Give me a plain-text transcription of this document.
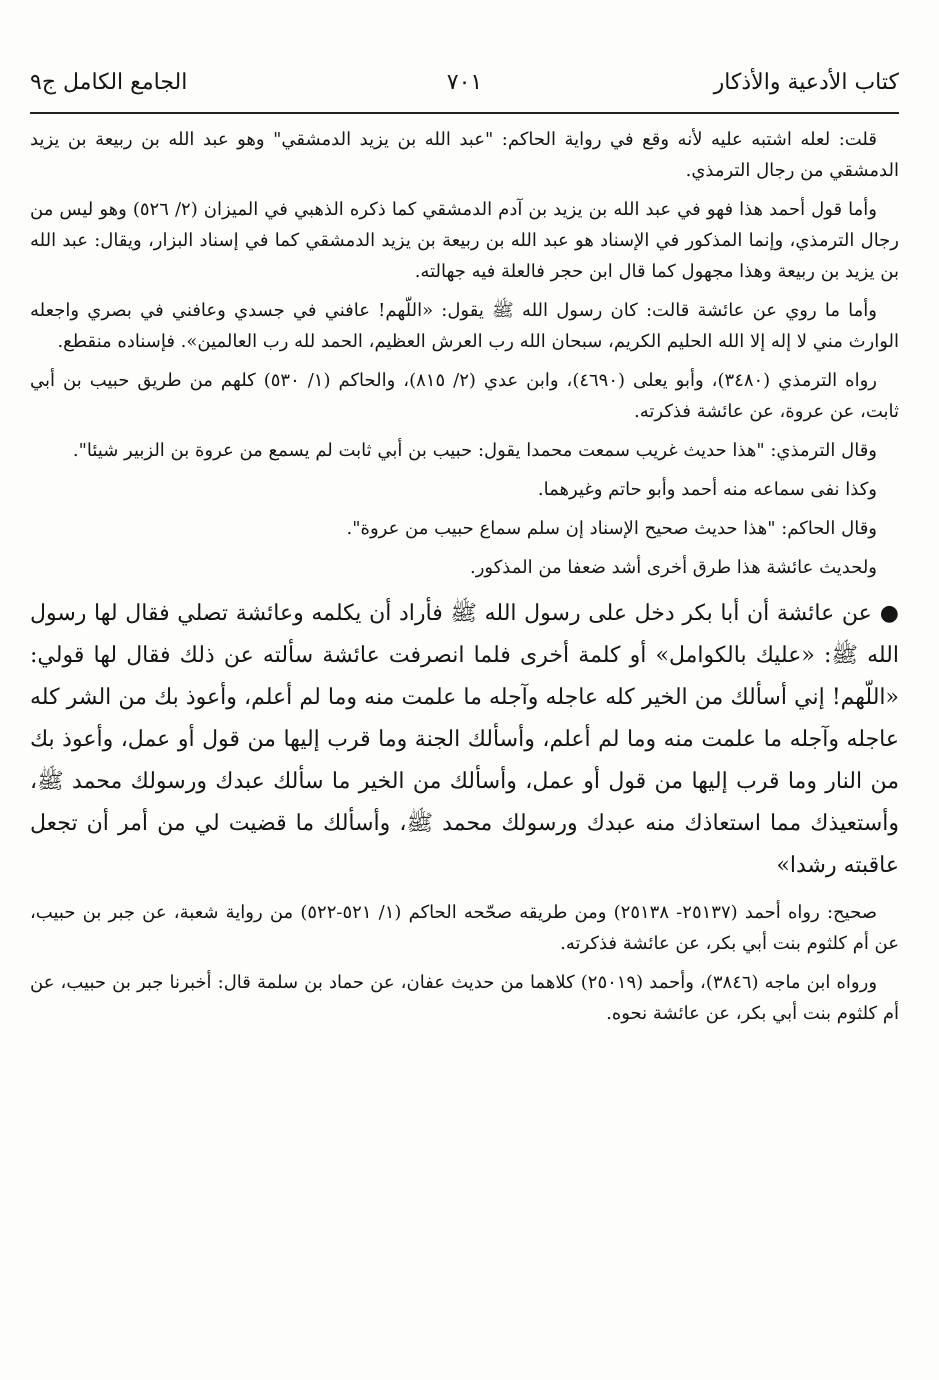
كتاب الأدعية والأذكار
٧٠١
الجامع الكامل ج٩

قلت: لعله اشتبه عليه لأنه وقع في رواية الحاكم: "عبد الله بن يزيد الدمشقي" وهو عبد الله بن ربيعة بن يزيد الدمشقي من رجال الترمذي.

وأما قول أحمد هذا فهو في عبد الله بن يزيد بن آدم الدمشقي كما ذكره الذهبي في الميزان (٢/ ٥٢٦) وهو ليس من رجال الترمذي، وإنما المذكور في الإسناد هو عبد الله بن ربيعة بن يزيد الدمشقي كما في إسناد البزار، ويقال: عبد الله بن يزيد بن ربيعة وهذا مجهول كما قال ابن حجر فالعلة فيه جهالته.

وأما ما روي عن عائشة قالت: كان رسول الله ﷺ يقول: «اللّهم! عافني في جسدي وعافني في بصري واجعله الوارث مني لا إله إلا الله الحليم الكريم، سبحان الله رب العرش العظيم، الحمد لله رب العالمين». فإسناده منقطع.

رواه الترمذي (٣٤٨٠)، وأبو يعلى (٤٦٩٠)، وابن عدي (٢/ ٨١٥)، والحاكم (١/ ٥٣٠) كلهم من طريق حبيب بن أبي ثابت، عن عروة، عن عائشة فذكرته.

وقال الترمذي: "هذا حديث غريب سمعت محمدا يقول: حبيب بن أبي ثابت لم يسمع من عروة بن الزبير شيئا".

وكذا نفى سماعه منه أحمد وأبو حاتم وغيرهما.

وقال الحاكم: "هذا حديث صحيح الإسناد إن سلم سماع حبيب من عروة".

ولحديث عائشة هذا طرق أخرى أشد ضعفا من المذكور.

●عن عائشة أن أبا بكر دخل على رسول الله ﷺ فأراد أن يكلمه وعائشة تصلي فقال لها رسول الله ﷺ: «عليك بالكوامل» أو كلمة أخرى فلما انصرفت عائشة سألته عن ذلك فقال لها قولي: «اللّهم! إني أسألك من الخير كله عاجله وآجله ما علمت منه وما لم أعلم، وأعوذ بك من الشر كله عاجله وآجله ما علمت منه وما لم أعلم، وأسألك الجنة وما قرب إليها من قول أو عمل، وأعوذ بك من النار وما قرب إليها من قول أو عمل، وأسألك من الخير ما سألك عبدك ورسولك محمد ﷺ، وأستعيذك مما استعاذك منه عبدك ورسولك محمد ﷺ، وأسألك ما قضيت لي من أمر أن تجعل عاقبته رشدا»

صحيح: رواه أحمد (٢٥١٣٧- ٢٥١٣٨) ومن طريقه صحّحه الحاكم (١/ ٥٢١-٥٢٢) من رواية شعبة، عن جبر بن حبيب، عن أم كلثوم بنت أبي بكر، عن عائشة فذكرته.

ورواه ابن ماجه (٣٨٤٦)، وأحمد (٢٥٠١٩) كلاهما من حديث عفان، عن حماد بن سلمة قال: أخبرنا جبر بن حبيب، عن أم كلثوم بنت أبي بكر، عن عائشة نحوه.
